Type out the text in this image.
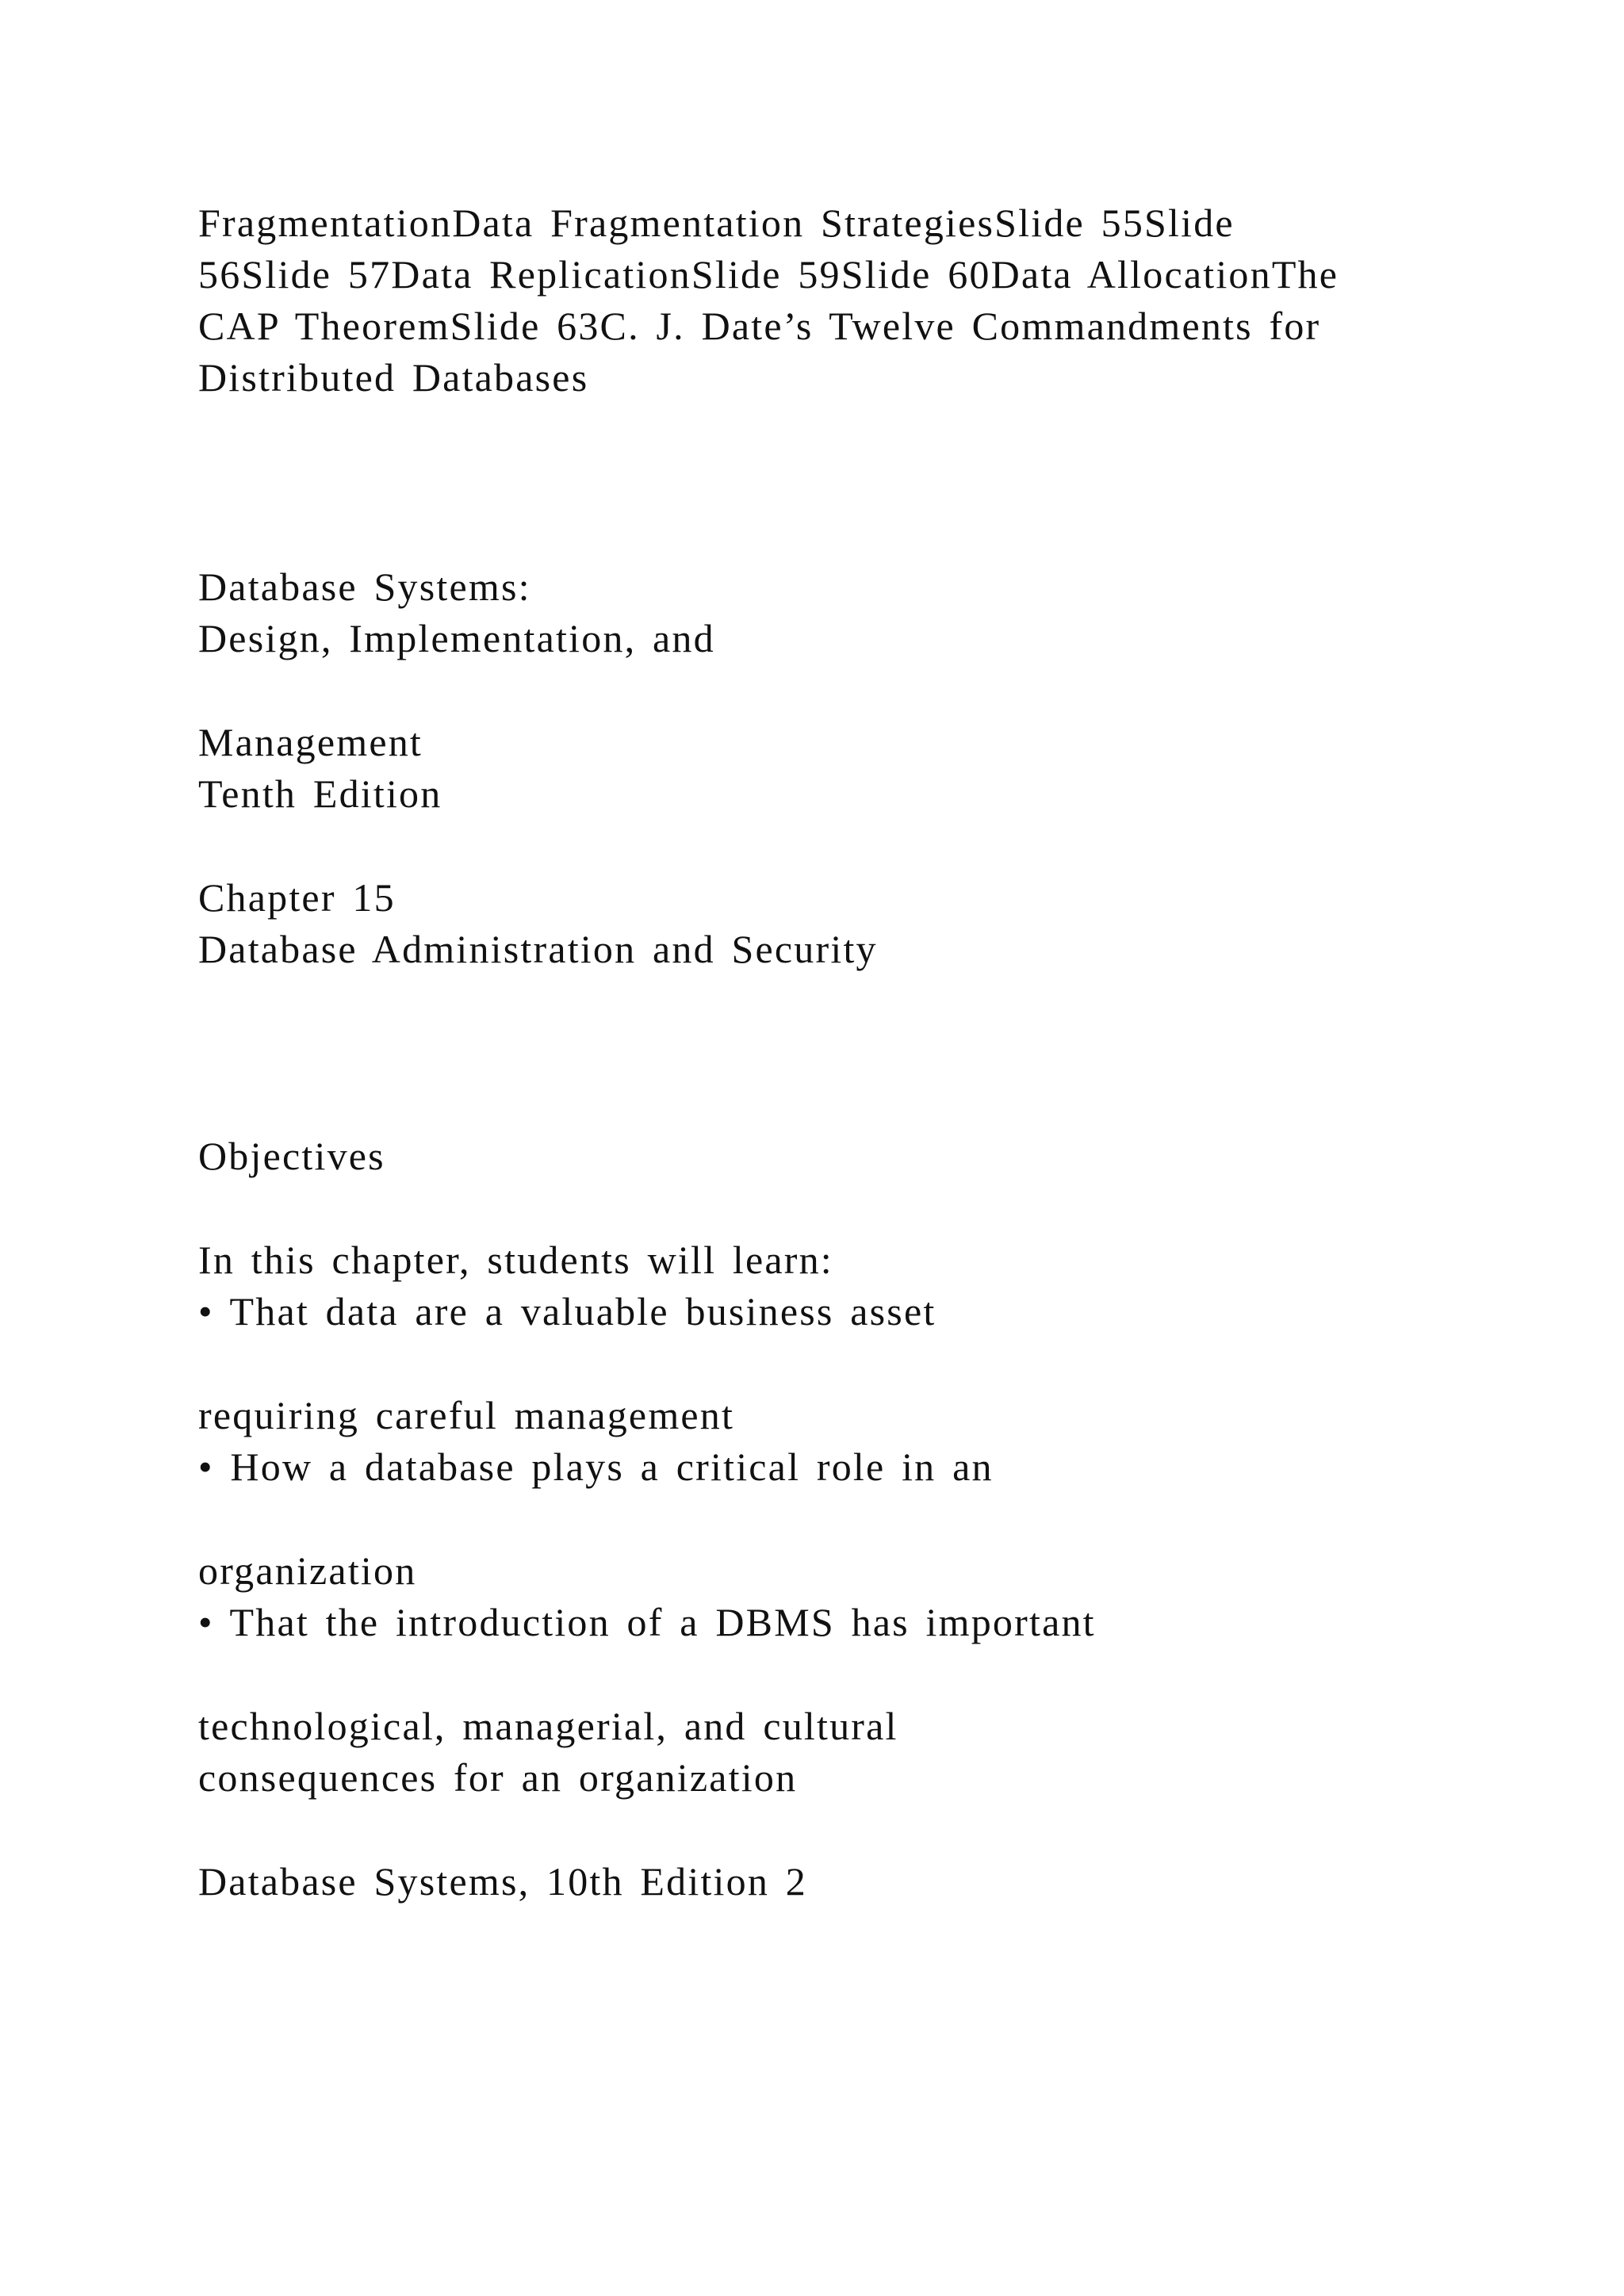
FragmentationData Fragmentation StrategiesSlide 55Slide
56Slide 57Data ReplicationSlide 59Slide 60Data AllocationThe
CAP TheoremSlide 63C. J. Date’s Twelve Commandments for
Distributed Databases
Database Systems:
Design, Implementation, and
Management
Tenth Edition
Chapter 15
Database Administration and Security
Objectives
In this chapter, students will learn:
• That data are a valuable business asset
requiring careful management
• How a database plays a critical role in an
organization
• That the introduction of a DBMS has important
technological, managerial, and cultural
consequences for an organization
Database Systems, 10th Edition 2
